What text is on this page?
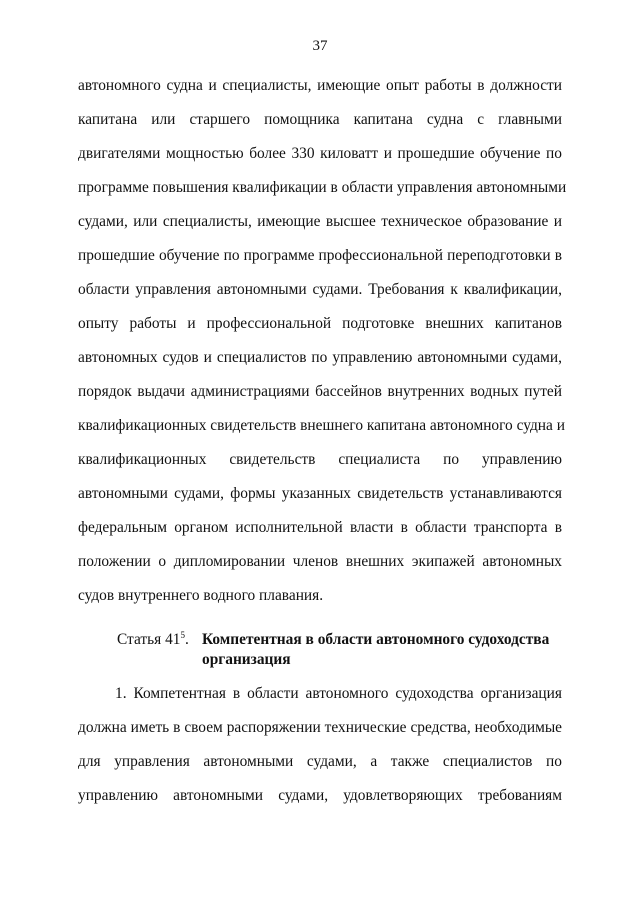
37
автономного судна и специалисты, имеющие опыт работы в должности
капитана или старшего помощника капитана судна с главными
двигателями мощностью более 330 киловатт и прошедшие обучение по
программе повышения квалификации в области управления автономными
судами, или специалисты, имеющие высшее техническое образование и
прошедшие обучение по программе профессиональной переподготовки в
области управления автономными судами. Требования к квалификации,
опыту работы и профессиональной подготовке внешних капитанов
автономных судов и специалистов по управлению автономными судами,
порядок выдачи администрациями бассейнов внутренних водных путей
квалификационных свидетельств внешнего капитана автономного судна и
квалификационных свидетельств специалиста по управлению
автономными судами, формы указанных свидетельств устанавливаются
федеральным органом исполнительной власти в области транспорта в
положении о дипломировании членов внешних экипажей автономных
судов внутреннего водного плавания.
Статья $41^5$. Компетентная в области автономного судоходства организация
1. Компетентная в области автономного судоходства организация
должна иметь в своем распоряжении технические средства, необходимые
для управления автономными судами, а также специалистов по
управлению автономными судами, удовлетворяющих требованиям
